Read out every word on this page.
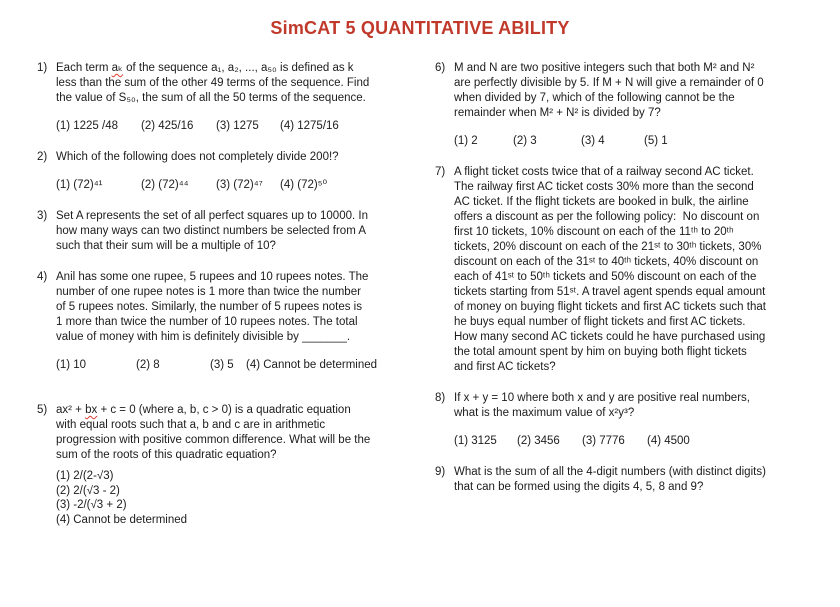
SimCAT 5 QUANTITATIVE ABILITY
1) Each term aₖ of the sequence a₁, a₂, ..., a₅₀ is defined as k
less than the sum of the other 49 terms of the sequence. Find
the value of S₅₀, the sum of all the 50 terms of the sequence.
(1) 1225 /48	(2) 425/16	(3) 1275	(4) 1275/16
2) Which of the following does not completely divide 200!?
(1) (72)⁴¹	(2) (72)⁴⁴	(3) (72)⁴⁷	(4) (72)⁵⁰
3) Set A represents the set of all perfect squares up to 10000. In
how many ways can two distinct numbers be selected from A
such that their sum will be a multiple of 10?
4) Anil has some one rupee, 5 rupees and 10 rupees notes. The
number of one rupee notes is 1 more than twice the number
of 5 rupees notes. Similarly, the number of 5 rupees notes is
1 more than twice the number of 10 rupees notes. The total
value of money with him is definitely divisible by _______.
(1) 10	(2) 8	(3) 5	(4) Cannot be determined
5) ax² + bx + c = 0 (where a, b, c > 0) is a quadratic equation
with equal roots such that a, b and c are in arithmetic
progression with positive common difference. What will be the
sum of the roots of this quadratic equation?
(1) 2/(2-√3)
(2) 2/(√3 - 2)
(3) -2/(√3 + 2)
(4) Cannot be determined
6) M and N are two positive integers such that both M² and N²
are perfectly divisible by 5. If M + N will give a remainder of 0
when divided by 7, which of the following cannot be the
remainder when M² + N² is divided by 7?
(1) 2	(2) 3	(3) 4	(5) 1
7) A flight ticket costs twice that of a railway second AC ticket.
The railway first AC ticket costs 30% more than the second
AC ticket. If the flight tickets are booked in bulk, the airline
offers a discount as per the following policy:  No discount on
first 10 tickets, 10% discount on each of the 11ᵗʰ to 20ᵗʰ
tickets, 20% discount on each of the 21ˢᵗ to 30ᵗʰ tickets, 30%
discount on each of the 31ˢᵗ to 40ᵗʰ tickets, 40% discount on
each of 41ˢᵗ to 50ᵗʰ tickets and 50% discount on each of the
tickets starting from 51ˢᵗ. A travel agent spends equal amount
of money on buying flight tickets and first AC tickets such that
he buys equal number of flight tickets and first AC tickets.
How many second AC tickets could he have purchased using
the total amount spent by him on buying both flight tickets
and first AC tickets?
8) If x + y = 10 where both x and y are positive real numbers,
what is the maximum value of x²y³?
(1) 3125	(2) 3456	(3) 7776	(4) 4500
9) What is the sum of all the 4-digit numbers (with distinct digits)
that can be formed using the digits 4, 5, 8 and 9?
